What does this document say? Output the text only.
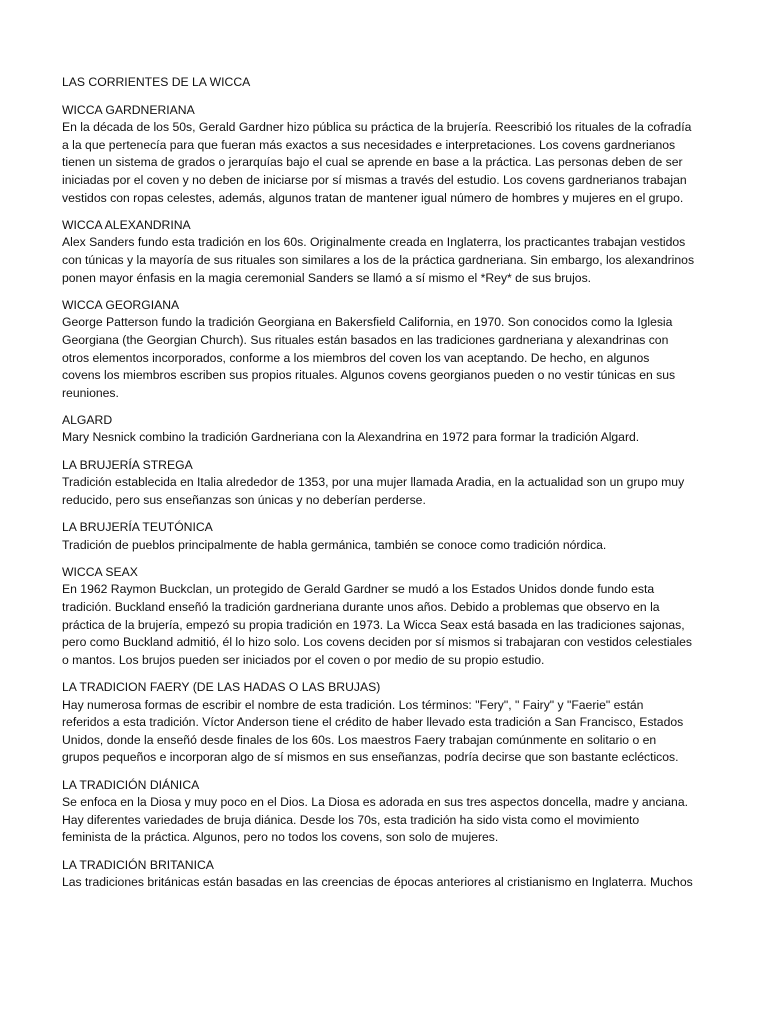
LAS CORRIENTES DE LA WICCA
WICCA GARDNERIANA
En la década de los 50s, Gerald Gardner hizo pública su práctica de la brujería. Reescribió los rituales de la cofradía
a la que pertenecía para que fueran más exactos a sus necesidades e interpretaciones. Los covens gardnerianos
tienen un sistema de grados o jerarquías bajo el cual se aprende en base a la práctica. Las personas deben de ser
iniciadas por el coven y no deben de iniciarse por sí mismas a través del estudio. Los covens gardnerianos trabajan
vestidos con ropas celestes, además, algunos tratan de mantener igual número de hombres y mujeres en el grupo.
WICCA ALEXANDRINA
Alex Sanders fundo esta tradición en los 60s. Originalmente creada en Inglaterra, los practicantes trabajan vestidos
con túnicas y la mayoría de sus rituales son similares a los de la práctica gardneriana. Sin embargo, los alexandrinos
ponen mayor énfasis en la magia ceremonial Sanders se llamó a sí mismo el *Rey* de sus brujos.
WICCA GEORGIANA
George Patterson fundo la tradición Georgiana en Bakersfield California, en 1970. Son conocidos como la Iglesia
Georgiana (the Georgian Church). Sus rituales están basados en las tradiciones gardneriana y alexandrinas con
otros elementos incorporados, conforme a los miembros del coven los van aceptando. De hecho, en algunos
covens los miembros escriben sus propios rituales. Algunos covens georgianos pueden o no vestir túnicas en sus
reuniones.
ALGARD
Mary Nesnick combino la tradición Gardneriana con la Alexandrina en 1972 para formar la tradición Algard.
LA BRUJERÍA STREGA
Tradición establecida en Italia alrededor de 1353, por una mujer llamada Aradia, en la actualidad son un grupo muy
reducido, pero sus enseñanzas son únicas y no deberían perderse.
LA BRUJERÍA TEUTÓNICA
Tradición de pueblos principalmente de habla germánica, también se conoce como tradición nórdica.
WICCA SEAX
En 1962 Raymon Buckclan, un protegido de Gerald Gardner se mudó a los Estados Unidos donde fundo esta
tradición. Buckland enseñó la tradición gardneriana durante unos años. Debido a problemas que observo en la
práctica de la brujería, empezó su propia tradición en 1973. La Wicca Seax está basada en las tradiciones sajonas,
pero como Buckland admitió, él lo hizo solo. Los covens deciden por sí mismos si trabajaran con vestidos celestiales
o mantos. Los brujos pueden ser iniciados por el coven o por medio de su propio estudio.
LA TRADICION FAERY (DE LAS HADAS O LAS BRUJAS)
Hay numerosa formas de escribir el nombre de esta tradición. Los términos: "Fery", " Fairy" y "Faerie" están
referidos a esta tradición. Víctor Anderson tiene el crédito de haber llevado esta tradición a San Francisco, Estados
Unidos, donde la enseñó desde finales de los 60s. Los maestros Faery trabajan comúnmente en solitario o en
grupos pequeños e incorporan algo de sí mismos en sus enseñanzas, podría decirse que son bastante eclécticos.
LA TRADICIÓN DIÁNICA
Se enfoca en la Diosa y muy poco en el Dios. La Diosa es adorada en sus tres aspectos doncella, madre y anciana.
Hay diferentes variedades de bruja diánica. Desde los 70s, esta tradición ha sido vista como el movimiento
feminista de la práctica. Algunos, pero no todos los covens, son solo de mujeres.
LA TRADICIÓN BRITANICA
Las tradiciones británicas están basadas en las creencias de épocas anteriores al cristianismo en Inglaterra. Muchos
